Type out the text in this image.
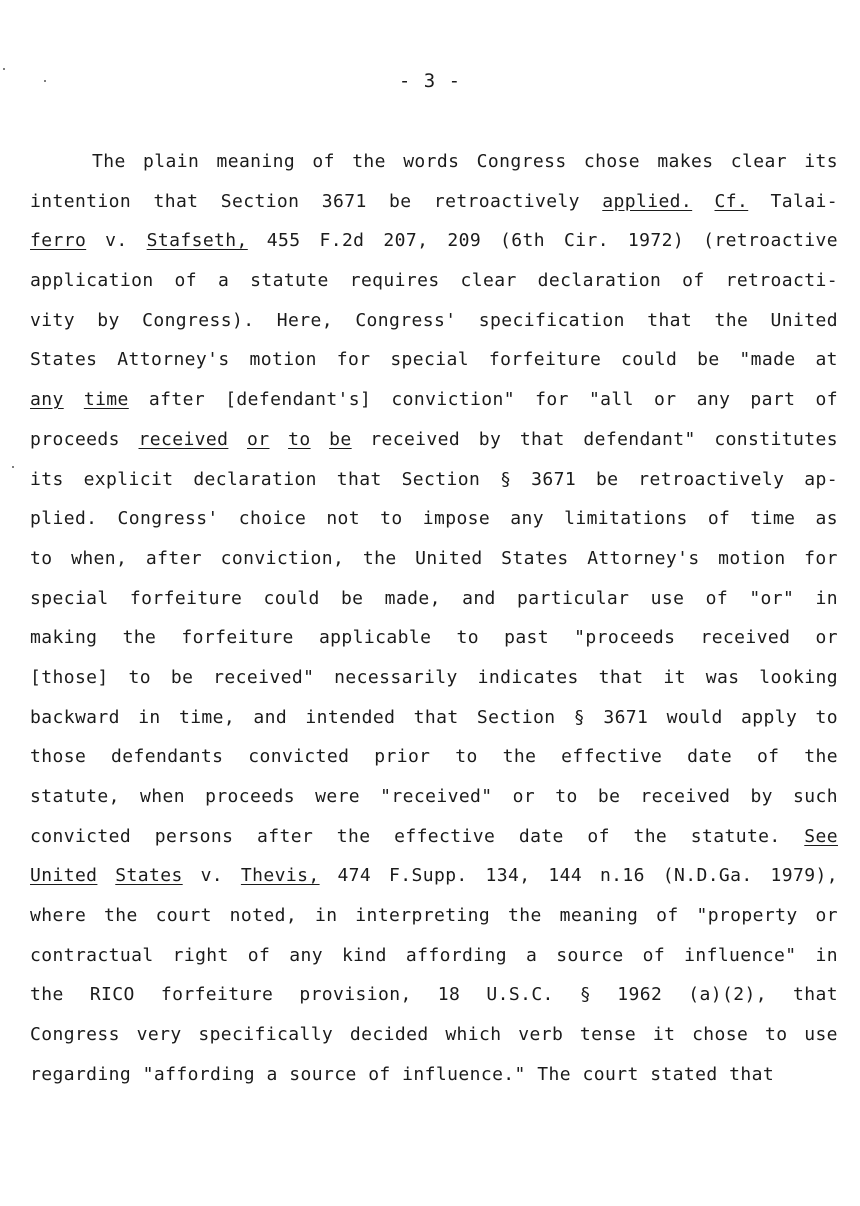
- 3 -
The plain meaning of the words Congress chose makes clear its
intention that Section 3671 be retroactively applied. Cf. Talai-
ferro v. Stafseth, 455 F.2d 207, 209 (6th Cir. 1972) (retroactive
application of a statute requires clear declaration of retroacti-
vity by Congress). Here, Congress' specification that the United
States Attorney's motion for special forfeiture could be "made at
any time after [defendant's] conviction" for "all or any part of
proceeds received or to be received by that defendant" constitutes
its explicit declaration that Section § 3671 be retroactively ap-
plied. Congress' choice not to impose any limitations of time as
to when, after conviction, the United States Attorney's motion for
special forfeiture could be made, and particular use of "or" in
making the forfeiture applicable to past "proceeds received or
[those] to be received" necessarily indicates that it was looking
backward in time, and intended that Section § 3671 would apply to
those defendants convicted prior to the effective date of the
statute, when proceeds were "received" or to be received by such
convicted persons after the effective date of the statute. See
United States v. Thevis, 474 F.Supp. 134, 144 n.16 (N.D.Ga. 1979),
where the court noted, in interpreting the meaning of "property or
contractual right of any kind affording a source of influence" in
the RICO forfeiture provision, 18 U.S.C. § 1962 (a)(2), that
Congress very specifically decided which verb tense it chose to use
regarding
"affording
a
source
of
influence."
The
court
stated
that
